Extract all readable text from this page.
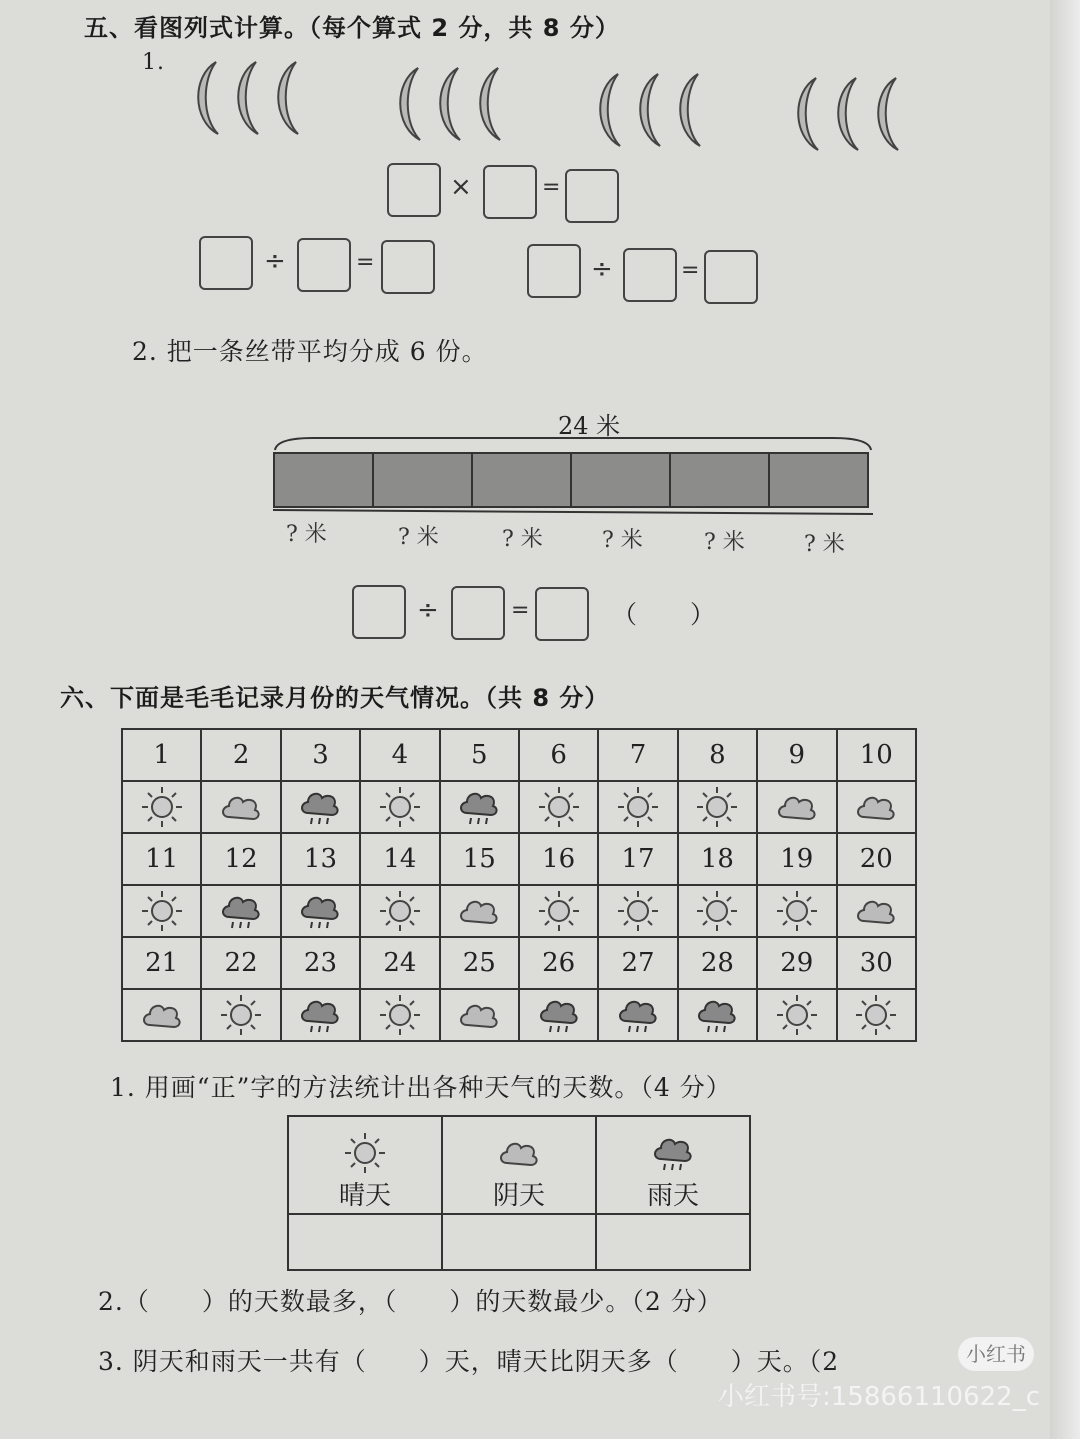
五、看图列式计算。（每个算式 2 分，共 8 分）
1.
×	=
÷	=	÷	=
2. 把一条丝带平均分成 6 份。
24 米
? 米	? 米	? 米	? 米	? 米	? 米
÷	=	（　　）
六、下面是毛毛记录月份的天气情况。（共 8 分）
1	2	3	4	5	6	7	8	9	10

11	12	13	14	15	16	17	18	19	20

21	22	23	24	25	26	27	28	29	30

1. 用画“正”字的方法统计出各种天气的天数。（4 分）

晴天	阴天	雨天

2.（　　）的天数最多，（　　）的天数最少。（2 分）
3. 阴天和雨天一共有（　　）天，晴天比阴天多（　　）天。（2	小红书
小红书号:15866110622_c
